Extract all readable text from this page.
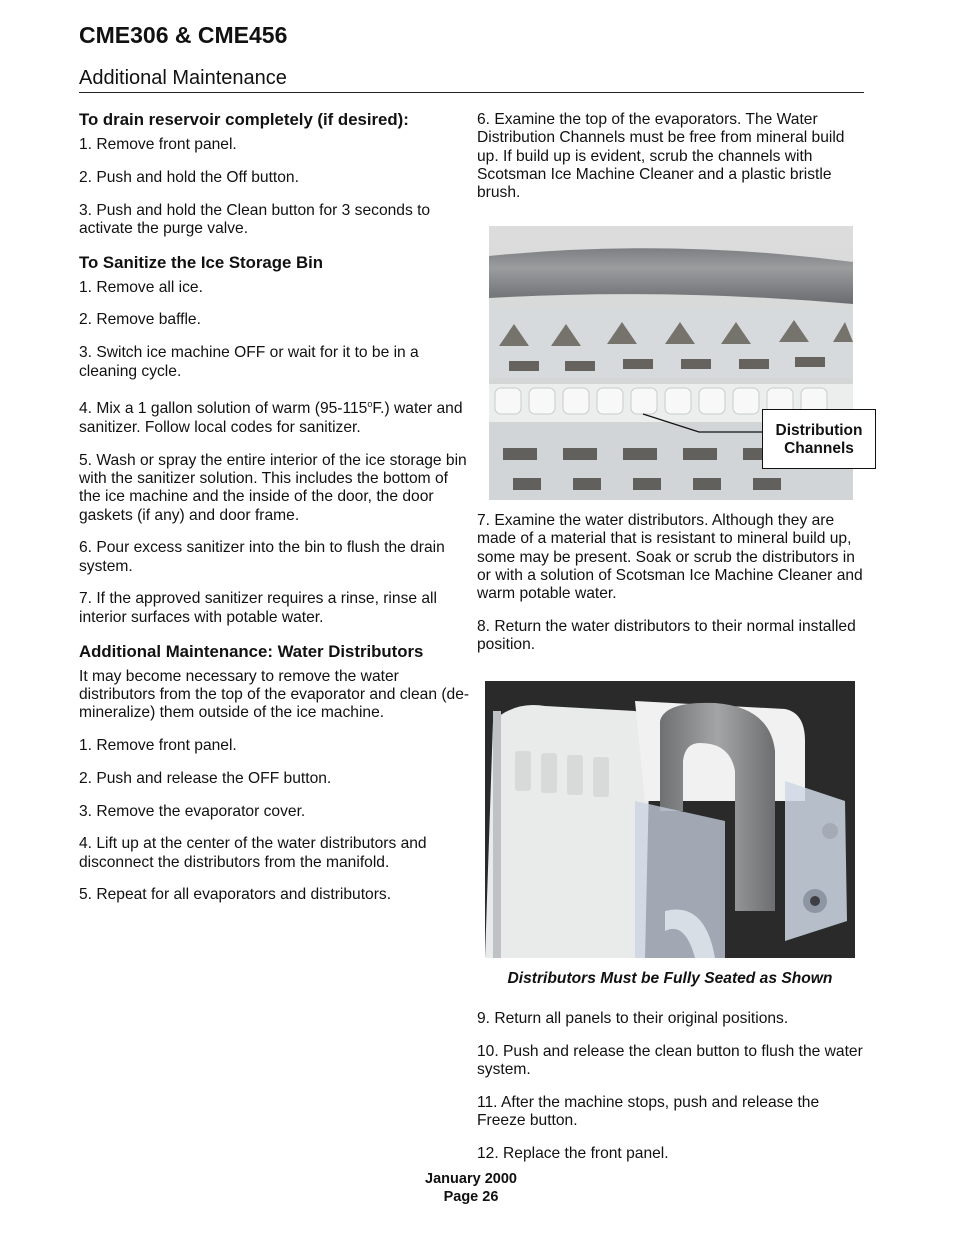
CME306 & CME456
Additional Maintenance
To drain reservoir completely (if desired):

1. Remove front panel.

2. Push and hold the Off button.

3. Push and hold the Clean button for 3 seconds to activate the purge valve.

To Sanitize the Ice Storage Bin

1. Remove all ice.

2. Remove baffle.

3. Switch ice machine OFF or wait for it to be in a cleaning cycle.

4. Mix a 1 gallon solution of warm (95-115$^o$F.) water and sanitizer. Follow local codes for sanitizer.

5. Wash or spray the entire interior of the ice storage bin with the sanitizer solution. This includes the bottom of the ice machine and the inside of the door, the door gaskets (if any) and door frame.

6. Pour excess sanitizer into the bin to flush the drain system.

7. If the approved sanitizer requires a rinse, rinse all interior surfaces with potable water.

Additional Maintenance: Water Distributors

It may become necessary to remove the water distributors from the top of the evaporator and clean (de-mineralize) them outside of the ice machine.

1. Remove front panel.

2. Push and release the OFF button.

3. Remove the evaporator cover.

4. Lift up at the center of the water distributors and disconnect the distributors from the manifold.

5. Repeat for all evaporators and distributors.

6. Examine the top of the evaporators. The Water Distribution Channels must be free from mineral build up. If build up is evident, scrub the channels with Scotsman Ice Machine Cleaner and a plastic bristle brush.

Distribution
Channels

7. Examine the water distributors. Although they are made of a material that is resistant to mineral build up, some may be present. Soak or scrub the distributors in or with a solution of Scotsman Ice Machine Cleaner and warm potable water.

8. Return the water distributors to their normal installed position.

Distributors Must be Fully Seated as Shown

9. Return all panels to their original positions.

10. Push and release the clean button to flush the water system.

11. After the machine stops, push and release the Freeze button.

12. Replace the front panel.

January 2000
Page 26
